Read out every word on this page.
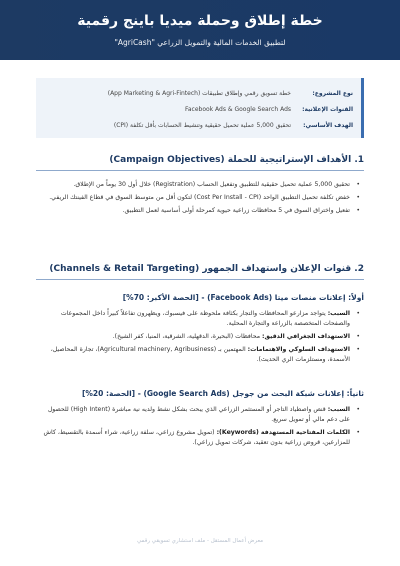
خطة إطلاق وحملة ميديا باينج رقمية
لتطبيق الخدمات المالية والتمويل الزراعي "AgriCash"
نوع المشروع:
خطة تسويق رقمي وإطلاق تطبيقات (App Marketing & Agri-Fintech)
القنوات الإعلانية:
Facebook Ads & Google Search Ads
الهدف الأساسي:
تحقيق 5,000 عملية تحميل حقيقية وتنشيط الحسابات بأقل تكلفة (CPI)
1. الأهداف الإستراتيجية للحملة (Campaign Objectives)
• تحقيق 5,000 عملية تحميل حقيقية للتطبيق وتفعيل الحساب (Registration) خلال أول 30 يوماً من الإطلاق.
• خفض تكلفة تحميل التطبيق الواحد (Cost Per Install - CPI) لتكون أقل من متوسط السوق في قطاع الفينتك الريفي.
• تفعيل واختراق السوق في 5 محافظات زراعية حيوية كمرحلة أولى أساسية لعمل التطبيق.
2. قنوات الإعلان واستهداف الجمهور (Channels & Retail Targeting)
أولاً: إعلانات منصات ميتا (Facebook Ads) - [الحصة الأكبر: 70%]
• السبب: يتواجد مزارعو المحافظات والتجار بكثافة ملحوظة على فيسبوك، ويظهرون تفاعلاً كبيراً داخل المجموعات والصفحات المتخصصة بالزراعة والتجارة المحلية.
• الاستهداف الجغرافي الدقيق: محافظات (البحيرة، الدقهلية، الشرقية، المنيا، كفر الشيخ).
• الاستهداف السلوكي والاهتمامات: المهتمين بـ (Agricultural machinery, Agribusiness)، تجارة المحاصيل، الأسمدة، ومستلزمات الري الحديث).
ثانياً: إعلانات شبكة البحث من جوجل (Google Search Ads) - [الحصة: 20%]
• السبب: قنص واصطياد التاجر أو المستثمر الزراعي الذي يبحث بشكل نشط ولديه نية مباشرة (High Intent) للحصول على دعم مالي أو تمويل سريع.
• الكلمات المفتاحية المستهدفة (Keywords): (تمويل مشروع زراعي، سلفة زراعية، شراء أسمدة بالتقسيط، كاش للمزارعين، قروض زراعية بدون تعقيد، شركات تمويل زراعي).
معرض أعمال المستقل - ملف استشاري تسويقي رقمي
